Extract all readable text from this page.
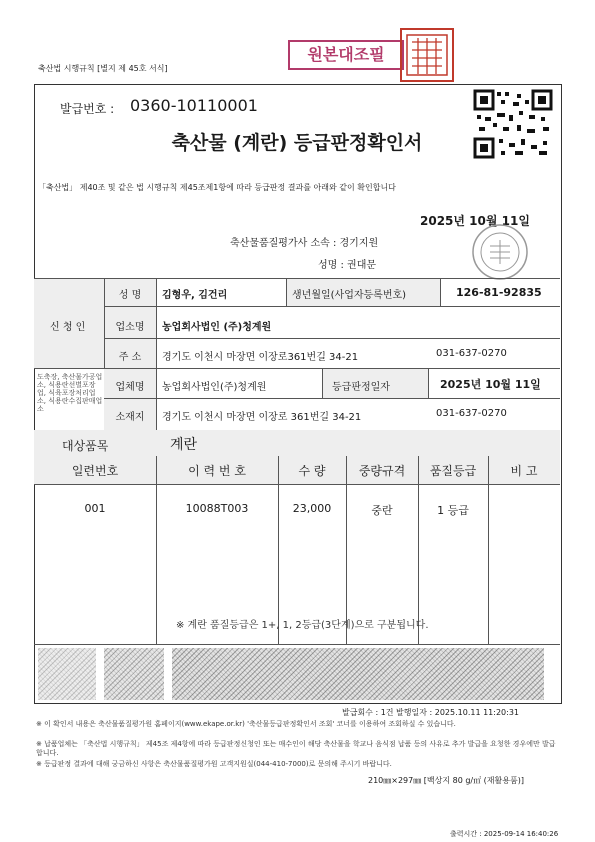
축산법 시행규칙 [별지 제 45호 서식]
원본대조필
발급번호 : 0360-10110001
축산물 (계란) 등급판정확인서
「축산법」 제40조 및 같은 법 시행규칙 제45조제1항에 따라 등급판정 결과를 아래와 같이 확인합니다
2025년 10월 11일
축산물품질평가사 소속 : 경기지원
성명 : 권대문
신 청 인
성 명	김형우, 김건리	생년월일(사업자등록번호)	126-81-92835
업소명	농업회사법인 (주)청계원
주 소	경기도 이천시 마장면 이장로361번길 34-21	031-637-0270
도축장, 축산물가공업소, 식용란선별포장업, 식육포장처리업소, 식용란수집판매업소
업체명	농업회사법인(주)청계원	등급판정일자	2025년 10월 11일
소재지	경기도 이천시 마장면 이장로 361번길 34-21	031-637-0270
대상품목	계란
일련번호	이 력 번 호	수 량	중량규격	품질등급	비 고
001	10088T003	23,000	중란	1 등급
※ 계란 품질등급은 1+, 1, 2등급(3단계)으로 구분됩니다.
발급회수 : 1건 발행일자 : 2025.10.11 11:20:31
※ 이 확인서 내용은 축산물품질평가원 홈페이지(www.ekape.or.kr) '축산물등급판정확인서 조회' 코너를 이용하여 조회하실 수 있습니다.
※ 납품업체는 「축산법 시행규칙」 제45조 제4항에 따라 등급판정신청인 또는 매수인이 해당 축산물을 학교나 음식점 납품 등의 사유로 추가 발급을 요청한 경우에만 발급합니다.
※ 등급판정 결과에 대해 궁금하신 사항은 축산물품질평가원 고객지원실(044-410-7000)로 문의해 주시기 바랍니다.
210㎜×297㎜ [백상지 80 g/㎡ (재활용품)]
출력시간 : 2025-09-14 16:40:26
